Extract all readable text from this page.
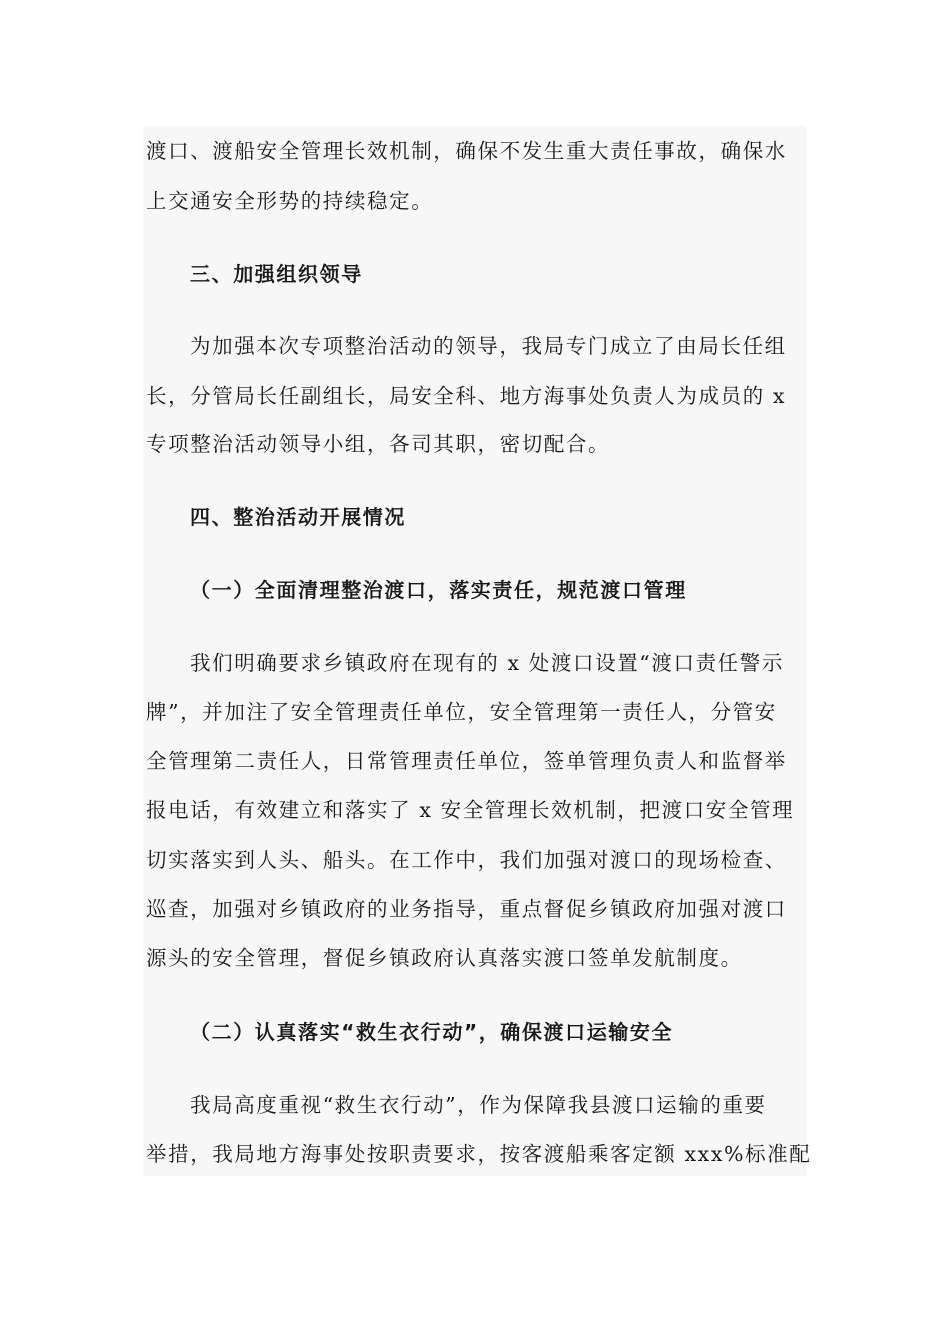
渡口、渡船安全管理长效机制，确保不发生重大责任事故，确保水
上交通安全形势的持续稳定。
三、加强组织领导
为加强本次专项整治活动的领导，我局专门成立了由局长任组
长，分管局长任副组长，局安全科、地方海事处负责人为成员的 x
专项整治活动领导小组，各司其职，密切配合。
四、整治活动开展情况
（一）全面清理整治渡口，落实责任，规范渡口管理
我们明确要求乡镇政府在现有的 x 处渡口设置“渡口责任警示
牌”，并加注了安全管理责任单位，安全管理第一责任人，分管安
全管理第二责任人，日常管理责任单位，签单管理负责人和监督举
报电话，有效建立和落实了 x 安全管理长效机制，把渡口安全管理
切实落实到人头、船头。在工作中，我们加强对渡口的现场检查、
巡查，加强对乡镇政府的业务指导，重点督促乡镇政府加强对渡口
源头的安全管理，督促乡镇政府认真落实渡口签单发航制度。
（二）认真落实“救生衣行动”，确保渡口运输安全
我局高度重视“救生衣行动”，作为保障我县渡口运输的重要
举措，我局地方海事处按职责要求，按客渡船乘客定额 xxx%标准配
